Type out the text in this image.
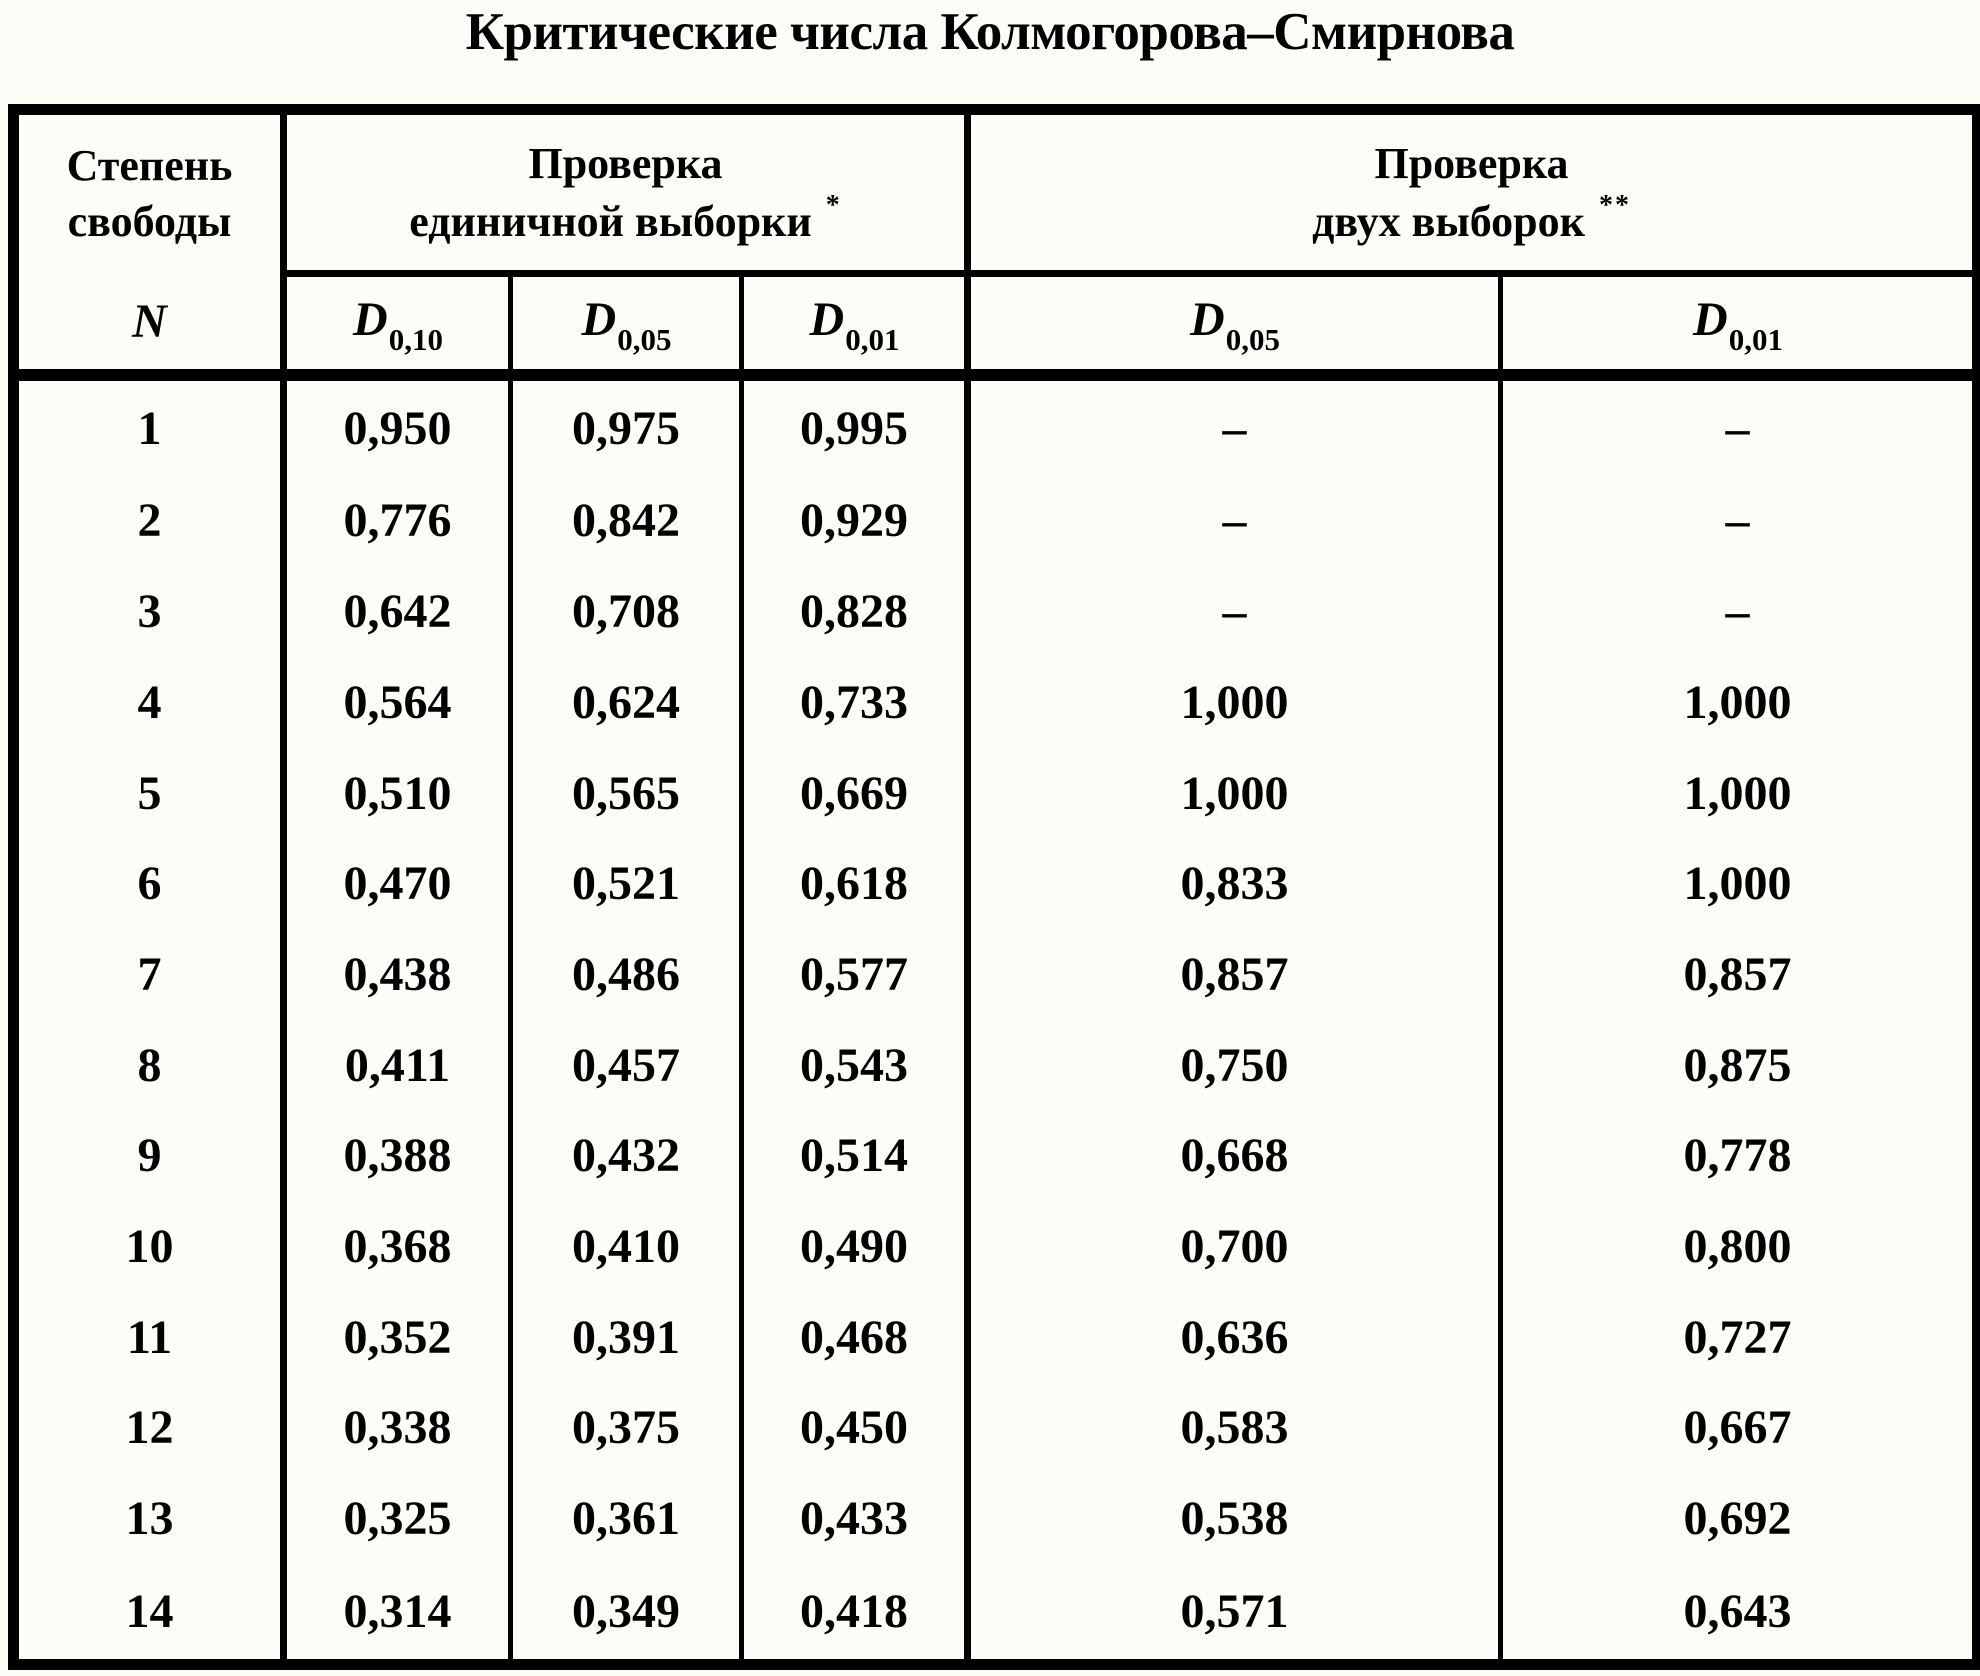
Критические числа Колмогорова–Смирнова
Степень
свободы
N

Проверка
единичной выборки *

Проверка
двух выборок **

	$D_{0,10}$	$D_{0,05}$	$D_{0,01}$	$D_{0,05}$	$D_{0,01}$
1	0,950	0,975	0,995	–	–
2	0,776	0,842	0,929	–	–
3	0,642	0,708	0,828	–	–
4	0,564	0,624	0,733	1,000	1,000
5	0,510	0,565	0,669	1,000	1,000
6	0,470	0,521	0,618	0,833	1,000
7	0,438	0,486	0,577	0,857	0,857
8	0,411	0,457	0,543	0,750	0,875
9	0,388	0,432	0,514	0,668	0,778
10	0,368	0,410	0,490	0,700	0,800
11	0,352	0,391	0,468	0,636	0,727
12	0,338	0,375	0,450	0,583	0,667
13	0,325	0,361	0,433	0,538	0,692
14	0,314	0,349	0,418	0,571	0,643
